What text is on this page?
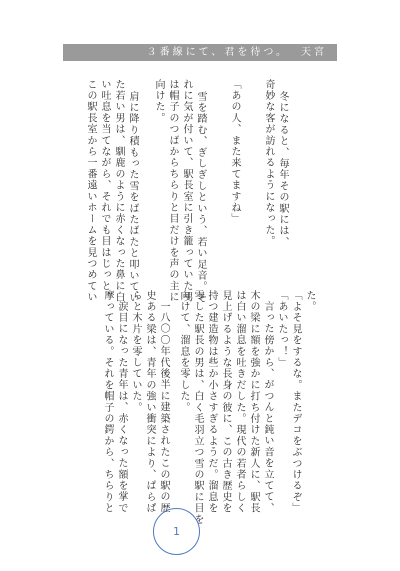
３番線にて、君を待つ。 天宮
冬になると、毎年その駅には、
奇妙な客が訪れるようになった。
「あの人、また来てますね」
雪を踏む、ぎしぎしという、若い足音。そ
れに気が付いて、駅長室に引き籠っていた男
は帽子のつばからちらりと目だけを声の主に
向けた。
肩に降り積もった雪をばたばたと叩いてい
た若い男は、馴鹿のように赤くなった鼻に白
い吐息を当てながら、それでも目はじっと、
この駅長室から一番遠いホームを見つめてい	た。
「よそ見をするな。またデコをぶつけるぞ」
「あいたっ！」
言った傍から、がつんと鈍い音を立てて、
木の梁に額を強かに打ち付けた新人に、駅長
は白い溜息を吐きだした。現代の若者らしく
見上げるような長身の彼に、この古き歴史を
持つ建造物は些か小さすぎるようだ。溜息を
零した駅長の男は、白く毛羽立つ雪の駅に目を
向けて、溜息を零した。
一八〇〇年代後半に建築されたこの駅の歴
史ある梁は、青年の強い衝突により、ぱらぱ
らと木片を零していた。
涙目になった青年は、赤くなった額を掌で
摩っている。それを帽子の鍔から、ちらりと
1
